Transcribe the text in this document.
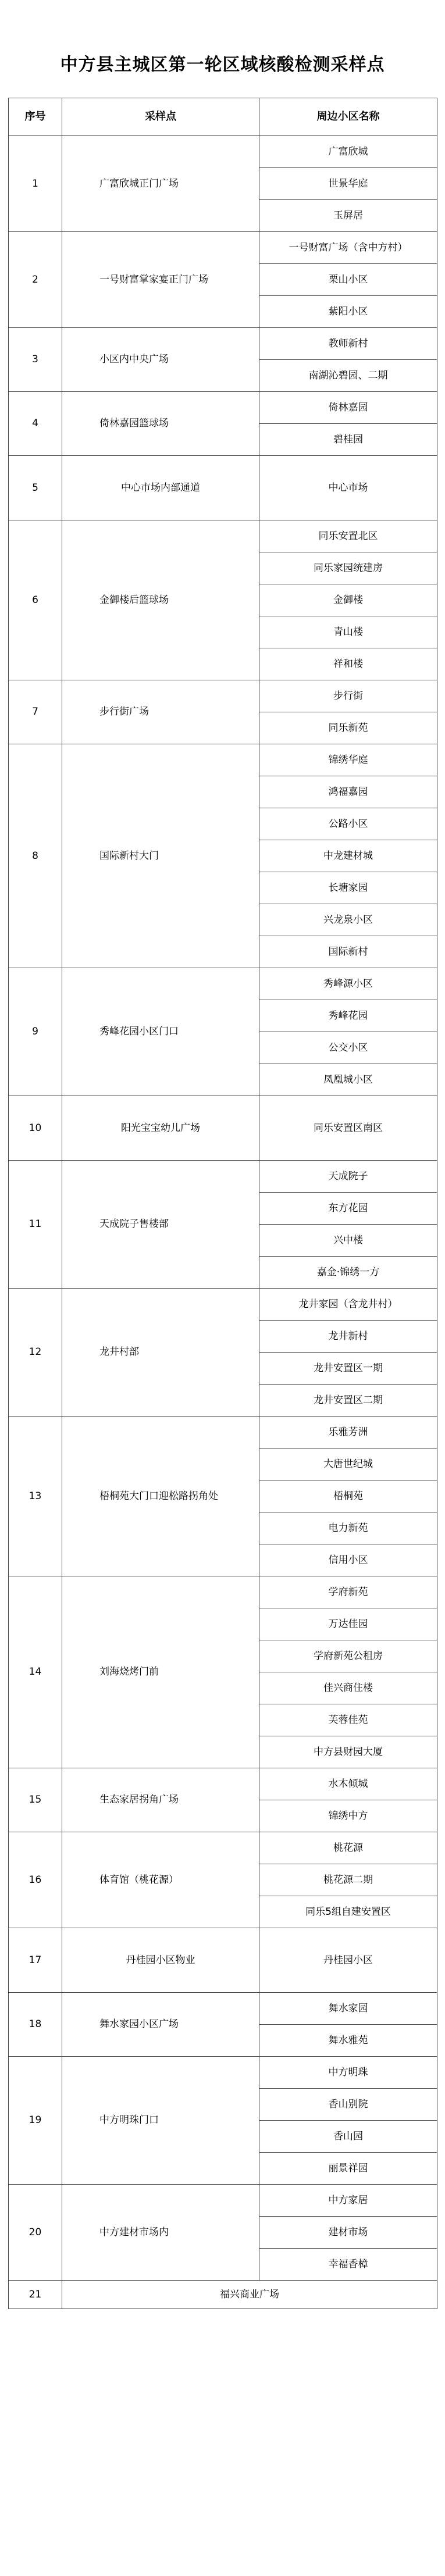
中方县主城区第一轮区域核酸检测采样点
序号	采样点	周边小区名称
1	广富欣城正门广场	广富欣城
		世景华庭
		玉屏居
2	一号财富掌家宴正门广场	一号财富广场（含中方村）
		栗山小区
		紫阳小区
3	小区内中央广场	教师新村
		南湖沁碧园、二期
4	倚林嘉园篮球场	倚林嘉园
		碧桂园
5	中心市场内部通道	中心市场
6	金御楼后篮球场	同乐安置北区
		同乐家园统建房
		金御楼
		青山楼
		祥和楼
7	步行街广场	步行街
		同乐新苑
8	国际新村大门	锦绣华庭
		鸿福嘉园
		公路小区
		中龙建材城
		长塘家园
		兴龙泉小区
		国际新村
9	秀峰花园小区门口	秀峰源小区
		秀峰花园
		公交小区
		凤凰城小区
10	阳光宝宝幼儿广场	同乐安置区南区
11	天成院子售楼部	天成院子
		东方花园
		兴中楼
		嘉金·锦绣一方
12	龙井村部	龙井家园（含龙井村）
		龙井新村
		龙井安置区一期
		龙井安置区二期
13	梧桐苑大门口迎松路拐角处	乐雅芳洲
		大唐世纪城
		梧桐苑
		电力新苑
		信用小区
14	刘海烧烤门前	学府新苑
		万达佳园
		学府新苑公租房
		佳兴商住楼
		芙蓉佳苑
		中方县财园大厦
15	生态家居拐角广场	水木倾城
		锦绣中方
16	体育馆（桃花源）	桃花源
		桃花源二期
		同乐5组自建安置区
17	丹桂园小区物业	丹桂园小区
18	舞水家园小区广场	舞水家园
		舞水雅苑
19	中方明珠门口	中方明珠
		香山别院
		香山园
		丽景祥园
20	中方建材市场内	中方家居
		建材市场
		幸福香樟
21	福兴商业广场	
